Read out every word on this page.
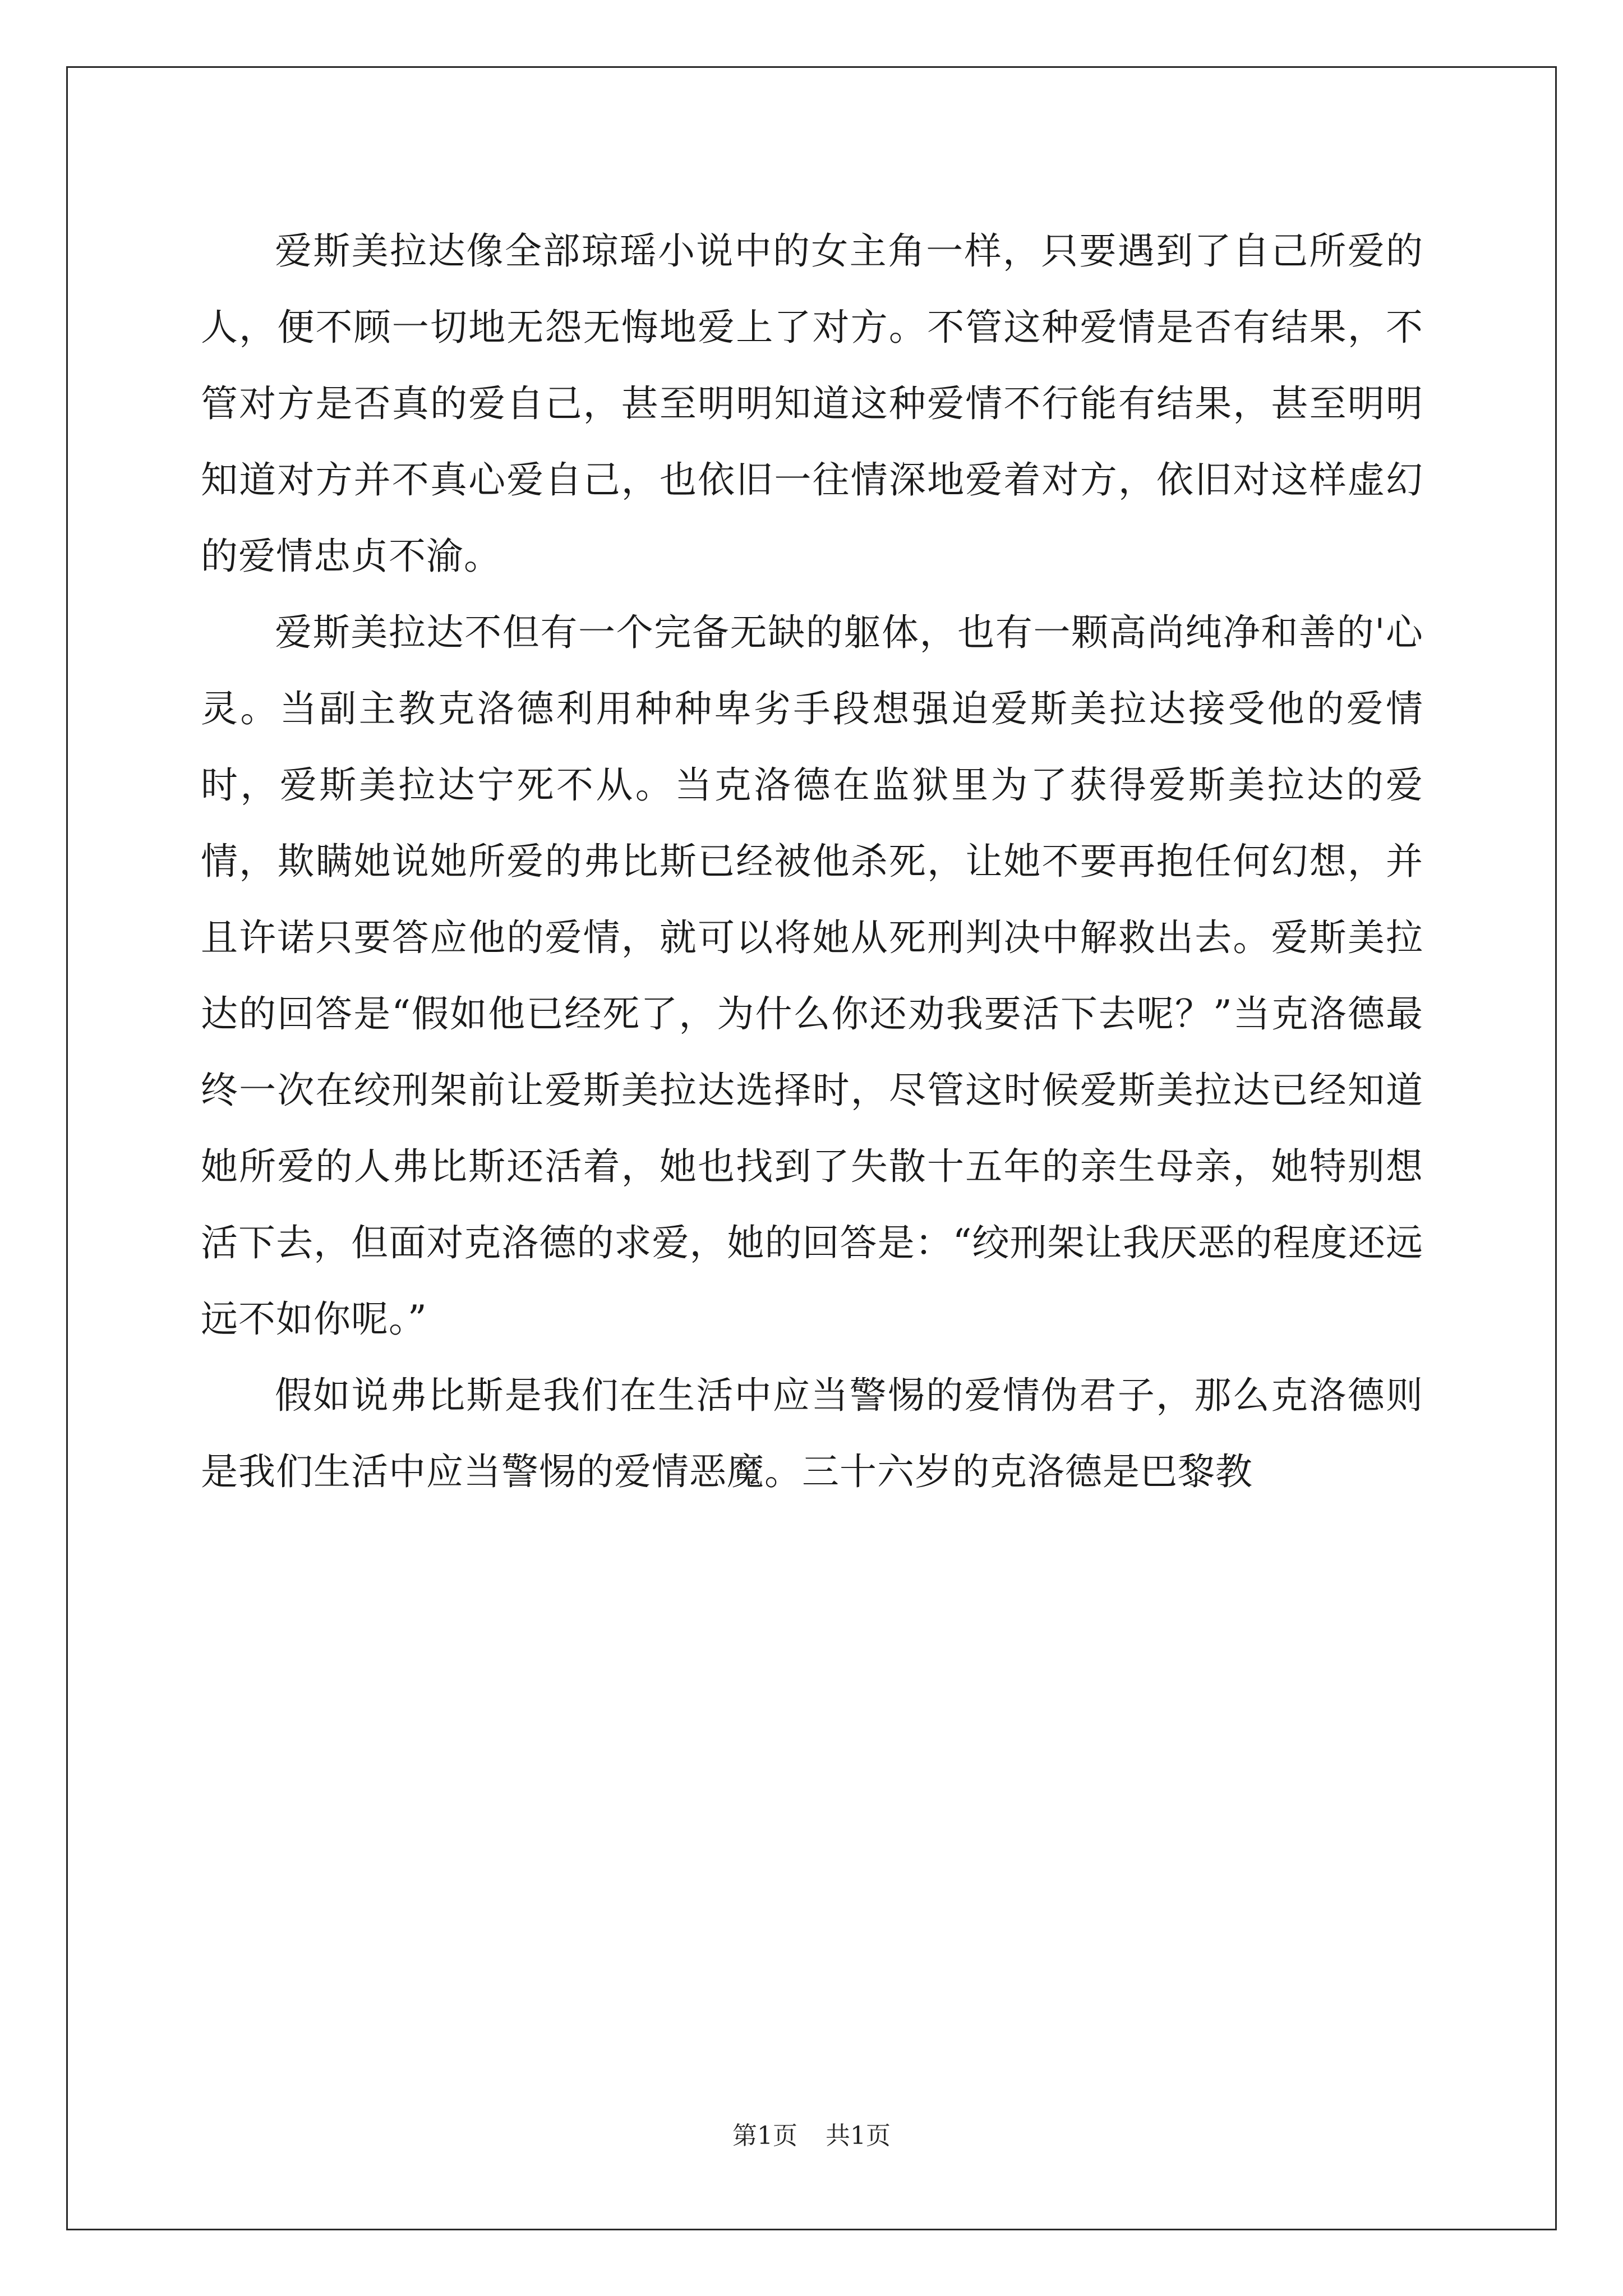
爱斯美拉达像全部琼瑶小说中的女主角一样，只要遇到了自己所爱的人，便不顾一切地无怨无悔地爱上了对方。不管这种爱情是否有结果，不管对方是否真的爱自己，甚至明明知道这种爱情不行能有结果，甚至明明知道对方并不真心爱自己，也依旧一往情深地爱着对方，依旧对这样虚幻的爱情忠贞不渝。

爱斯美拉达不但有一个完备无缺的躯体，也有一颗高尚纯净和善的'心灵。当副主教克洛德利用种种卑劣手段想强迫爱斯美拉达接受他的爱情时，爱斯美拉达宁死不从。当克洛德在监狱里为了获得爱斯美拉达的爱情，欺瞒她说她所爱的弗比斯已经被他杀死，让她不要再抱任何幻想，并且许诺只要答应他的爱情，就可以将她从死刑判决中解救出去。爱斯美拉达的回答是“假如他已经死了，为什么你还劝我要活下去呢？”当克洛德最终一次在绞刑架前让爱斯美拉达选择时，尽管这时候爱斯美拉达已经知道她所爱的人弗比斯还活着，她也找到了失散十五年的亲生母亲，她特别想活下去，但面对克洛德的求爱，她的回答是：“绞刑架让我厌恶的程度还远远不如你呢。”

假如说弗比斯是我们在生活中应当警惕的爱情伪君子，那么克洛德则是我们生活中应当警惕的爱情恶魔。三十六岁的克洛德是巴黎教

第1页 共1页
